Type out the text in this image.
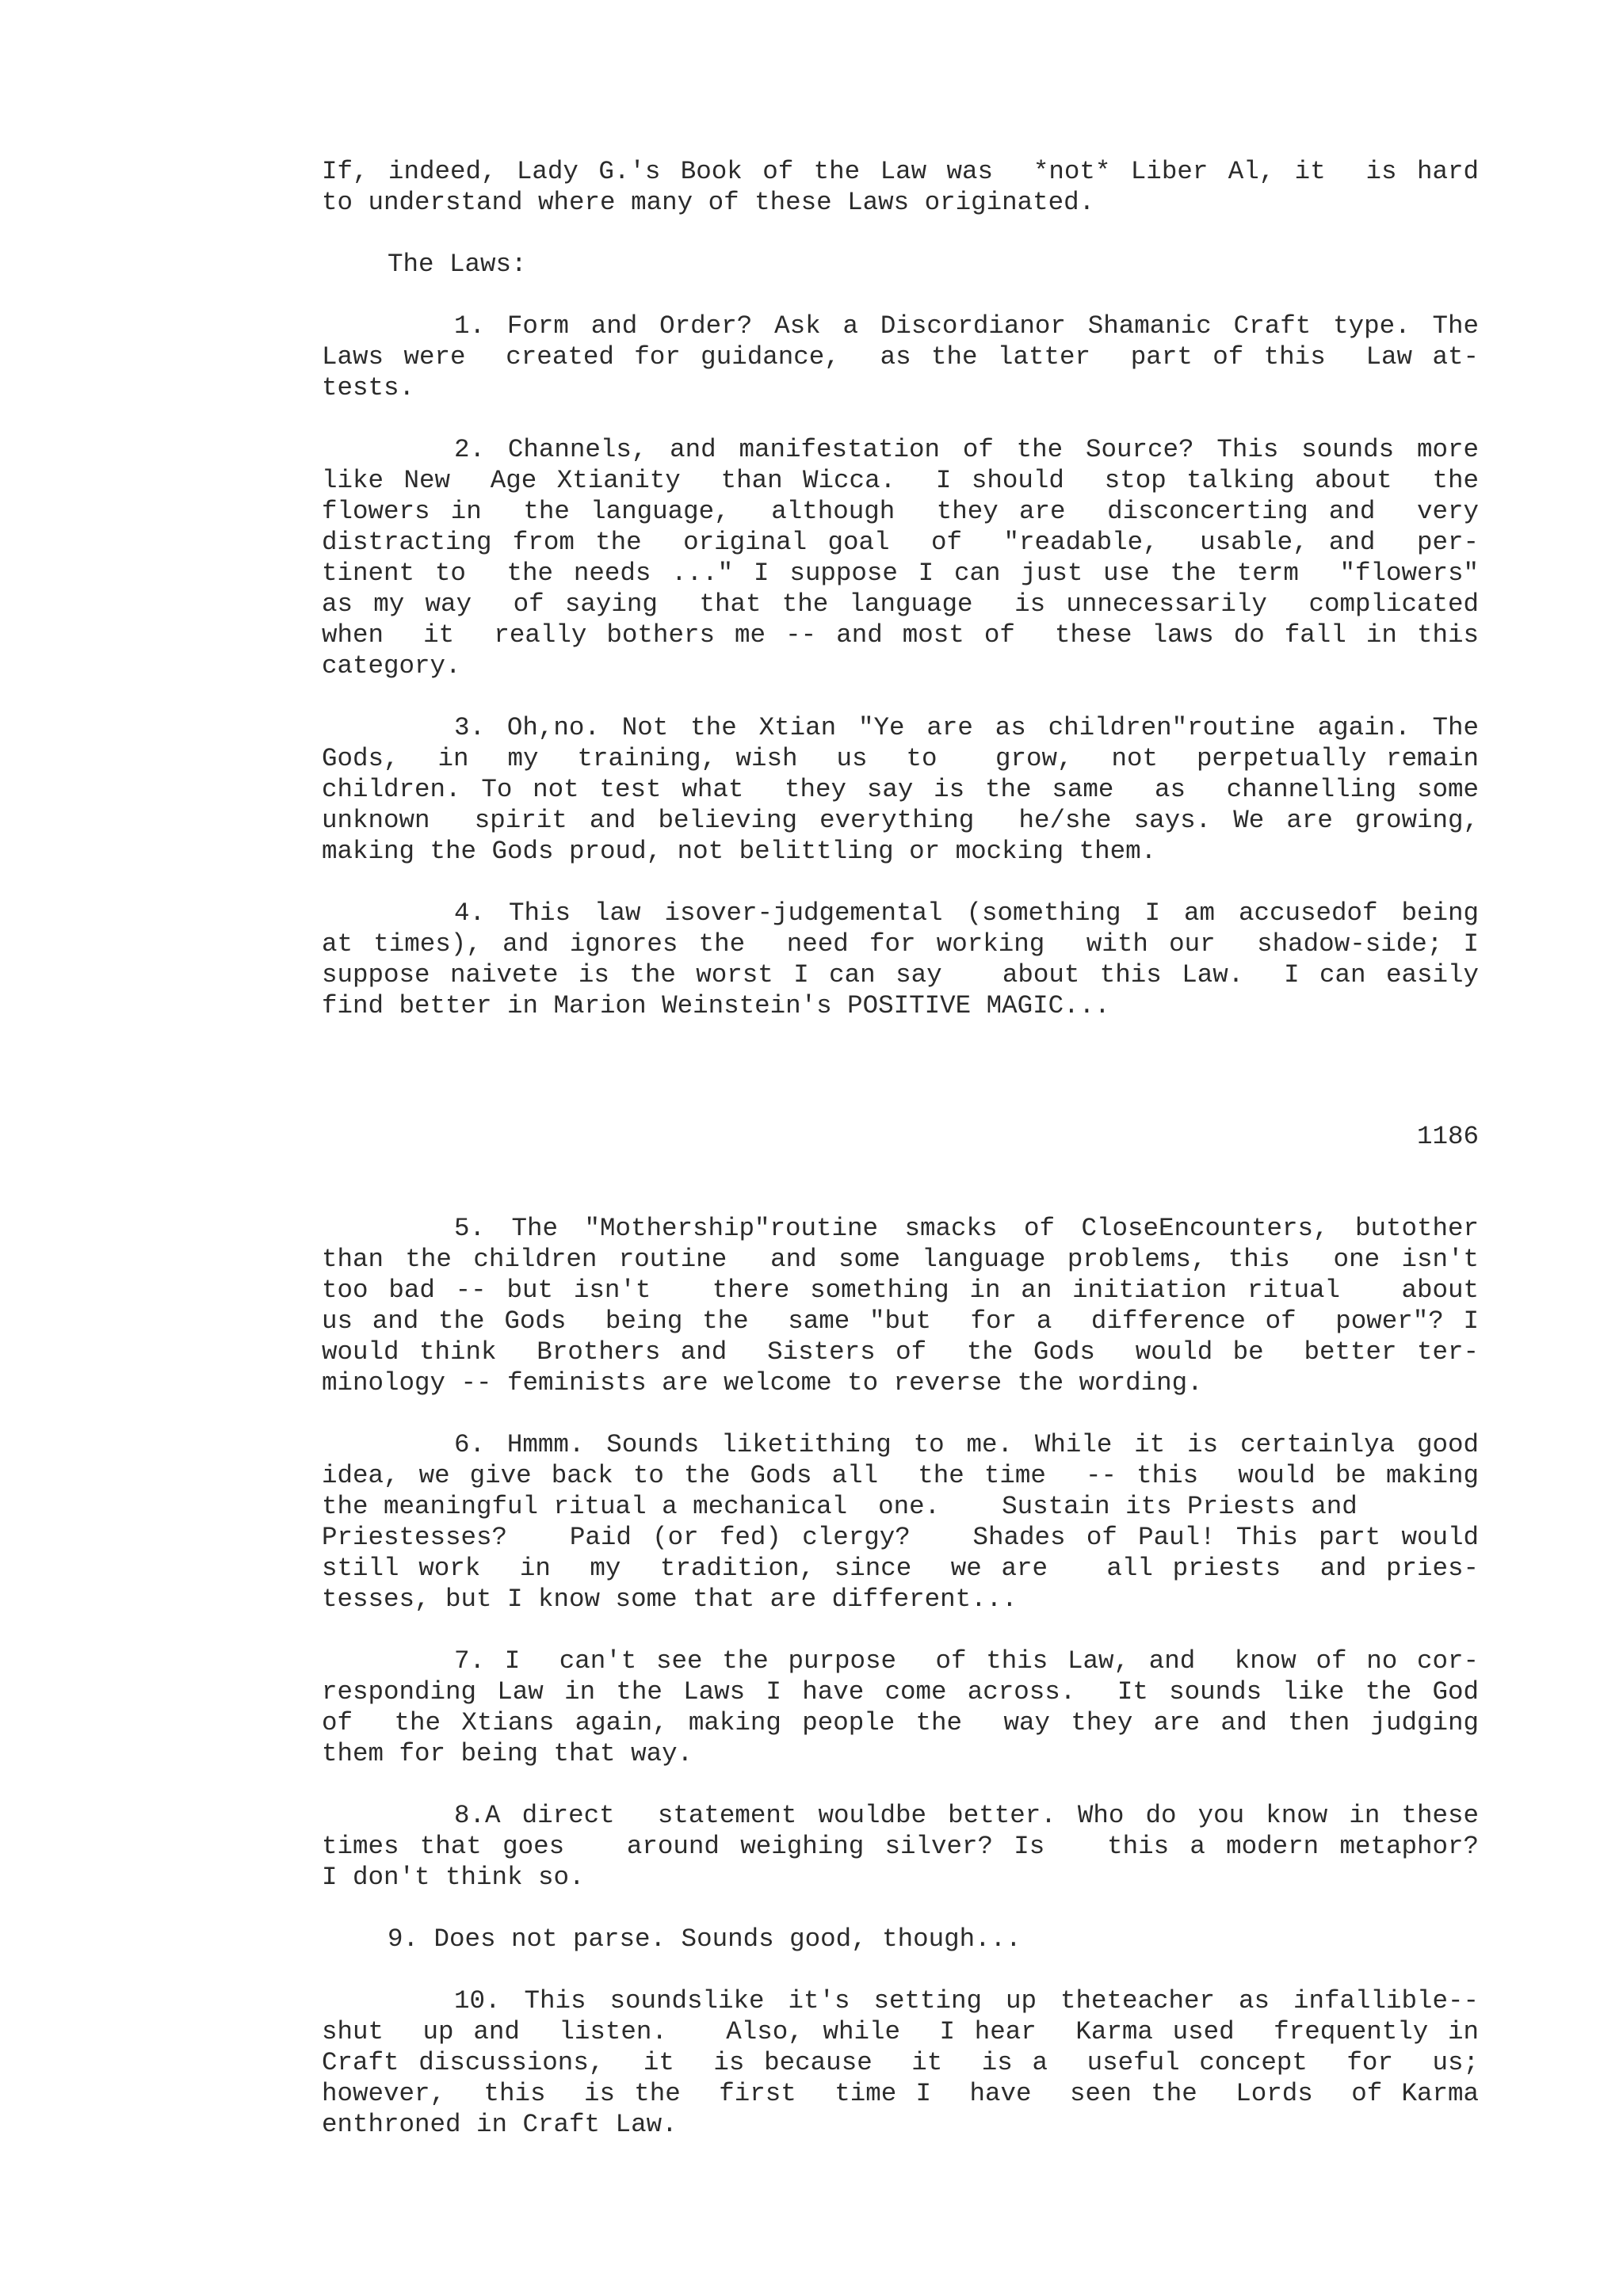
If, indeed, Lady G.'s Book of the Law was  *not* Liber Al, it  is hard
to understand where many of these Laws originated.
The Laws:
1. Form and Order? Ask a Discordianor Shamanic Craft type. The
Laws were  created for guidance,  as the latter  part of this  Law at-
tests.
2. Channels, and manifestation of the Source? This sounds more
like New  Age Xtianity  than Wicca.  I should  stop talking about  the
flowers in  the language,  although  they are  disconcerting and  very
distracting from the  original goal  of  "readable,  usable, and  per-
tinent to  the needs ..." I suppose I can just use the term  "flowers"
as my way  of saying  that the language  is unnecessarily  complicated
when  it  really bothers me -- and most of  these laws do fall in this
category.
3. Oh,no. Not the Xtian "Ye are as children"routine again. The
Gods,  in  my  training, wish  us  to   grow,  not  perpetually remain
children. To not test what  they say is the same  as  channelling some
unknown  spirit and believing everything  he/she says. We are growing,
making the Gods proud, not belittling or mocking them.
4. This law isover-judgemental (something I am accusedof being
at times), and ignores the  need for working  with our  shadow-side; I
suppose naivete is the worst I can say   about this Law.  I can easily
find better in Marion Weinstein's POSITIVE MAGIC...
1186
5. The "Mothership"routine smacks of CloseEncounters, butother
than the children routine  and some language problems, this  one isn't
too bad -- but isn't   there something in an initiation ritual   about
us and the Gods  being the  same "but  for a  difference of  power"? I
would think  Brothers and  Sisters of  the Gods  would be  better ter-
minology -- feminists are welcome to reverse the wording.
6. Hmmm. Sounds liketithing to me. While it is certainlya good
idea, we give back to the Gods all  the time  -- this  would be making
the meaningful ritual a mechanical  one.    Sustain its Priests and
Priestesses?   Paid (or fed) clergy?   Shades of Paul! This part would
still work  in  my  tradition, since  we are   all priests  and pries-
tesses, but I know some that are different...
7. I  can't see the purpose  of this Law, and  know of no cor-
responding Law in the Laws I have come across.  It sounds like the God
of  the Xtians again, making people the  way they are and then judging
them for being that way.
8.A direct  statement wouldbe better. Who do you know in these
times that goes   around weighing silver? Is   this a modern metaphor?
I don't think so.
9. Does not parse. Sounds good, though...
10. This soundslike it's setting up theteacher as infallible--
shut  up and  listen.   Also, while  I hear  Karma used  frequently in
Craft discussions,  it  is because  it  is a  useful concept  for  us;
however,  this  is the  first  time I  have  seen the  Lords  of Karma
enthroned in Craft Law.
